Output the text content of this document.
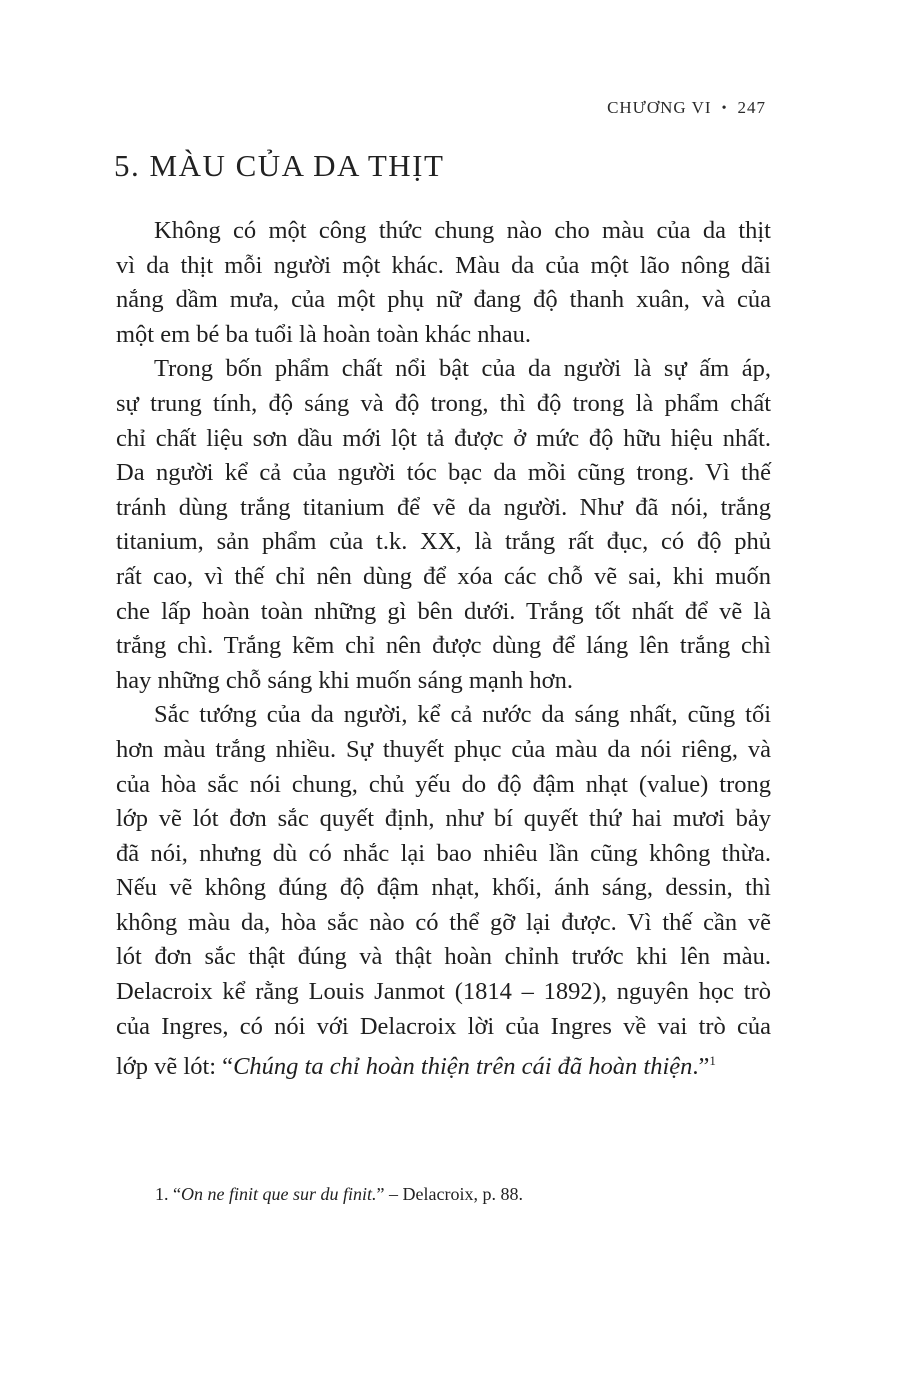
CHƯƠNG VI • 247
5. MÀU CỦA DA THỊT
Không có một công thức chung nào cho màu của da thịt
vì da thịt mỗi người một khác. Màu da của một lão nông dãi
nắng dầm mưa, của một phụ nữ đang độ thanh xuân, và của
một em bé ba tuổi là hoàn toàn khác nhau.
Trong bốn phẩm chất nổi bật của da người là sự ấm áp,
sự trung tính, độ sáng và độ trong, thì độ trong là phẩm chất
chỉ chất liệu sơn dầu mới lột tả được ở mức độ hữu hiệu nhất.
Da người kể cả của người tóc bạc da mồi cũng trong. Vì thế
tránh dùng trắng titanium để vẽ da người. Như đã nói, trắng
titanium, sản phẩm của t.k. XX, là trắng rất đục, có độ phủ
rất cao, vì thế chỉ nên dùng để xóa các chỗ vẽ sai, khi muốn
che lấp hoàn toàn những gì bên dưới. Trắng tốt nhất để vẽ là
trắng chì. Trắng kẽm chỉ nên được dùng để láng lên trắng chì
hay những chỗ sáng khi muốn sáng mạnh hơn.
Sắc tướng của da người, kể cả nước da sáng nhất, cũng tối
hơn màu trắng nhiều. Sự thuyết phục của màu da nói riêng, và
của hòa sắc nói chung, chủ yếu do độ đậm nhạt (value) trong
lớp vẽ lót đơn sắc quyết định, như bí quyết thứ hai mươi bảy
đã nói, nhưng dù có nhắc lại bao nhiêu lần cũng không thừa.
Nếu vẽ không đúng độ đậm nhạt, khối, ánh sáng, dessin, thì
không màu da, hòa sắc nào có thể gỡ lại được. Vì thế cần vẽ
lót đơn sắc thật đúng và thật hoàn chỉnh trước khi lên màu.
Delacroix kể rằng Louis Janmot (1814 – 1892), nguyên học trò
của Ingres, có nói với Delacroix lời của Ingres về vai trò của
lớp vẽ lót: “Chúng ta chỉ hoàn thiện trên cái đã hoàn thiện.”$^1$
1. “On ne finit que sur du finit.” – Delacroix, p. 88.
